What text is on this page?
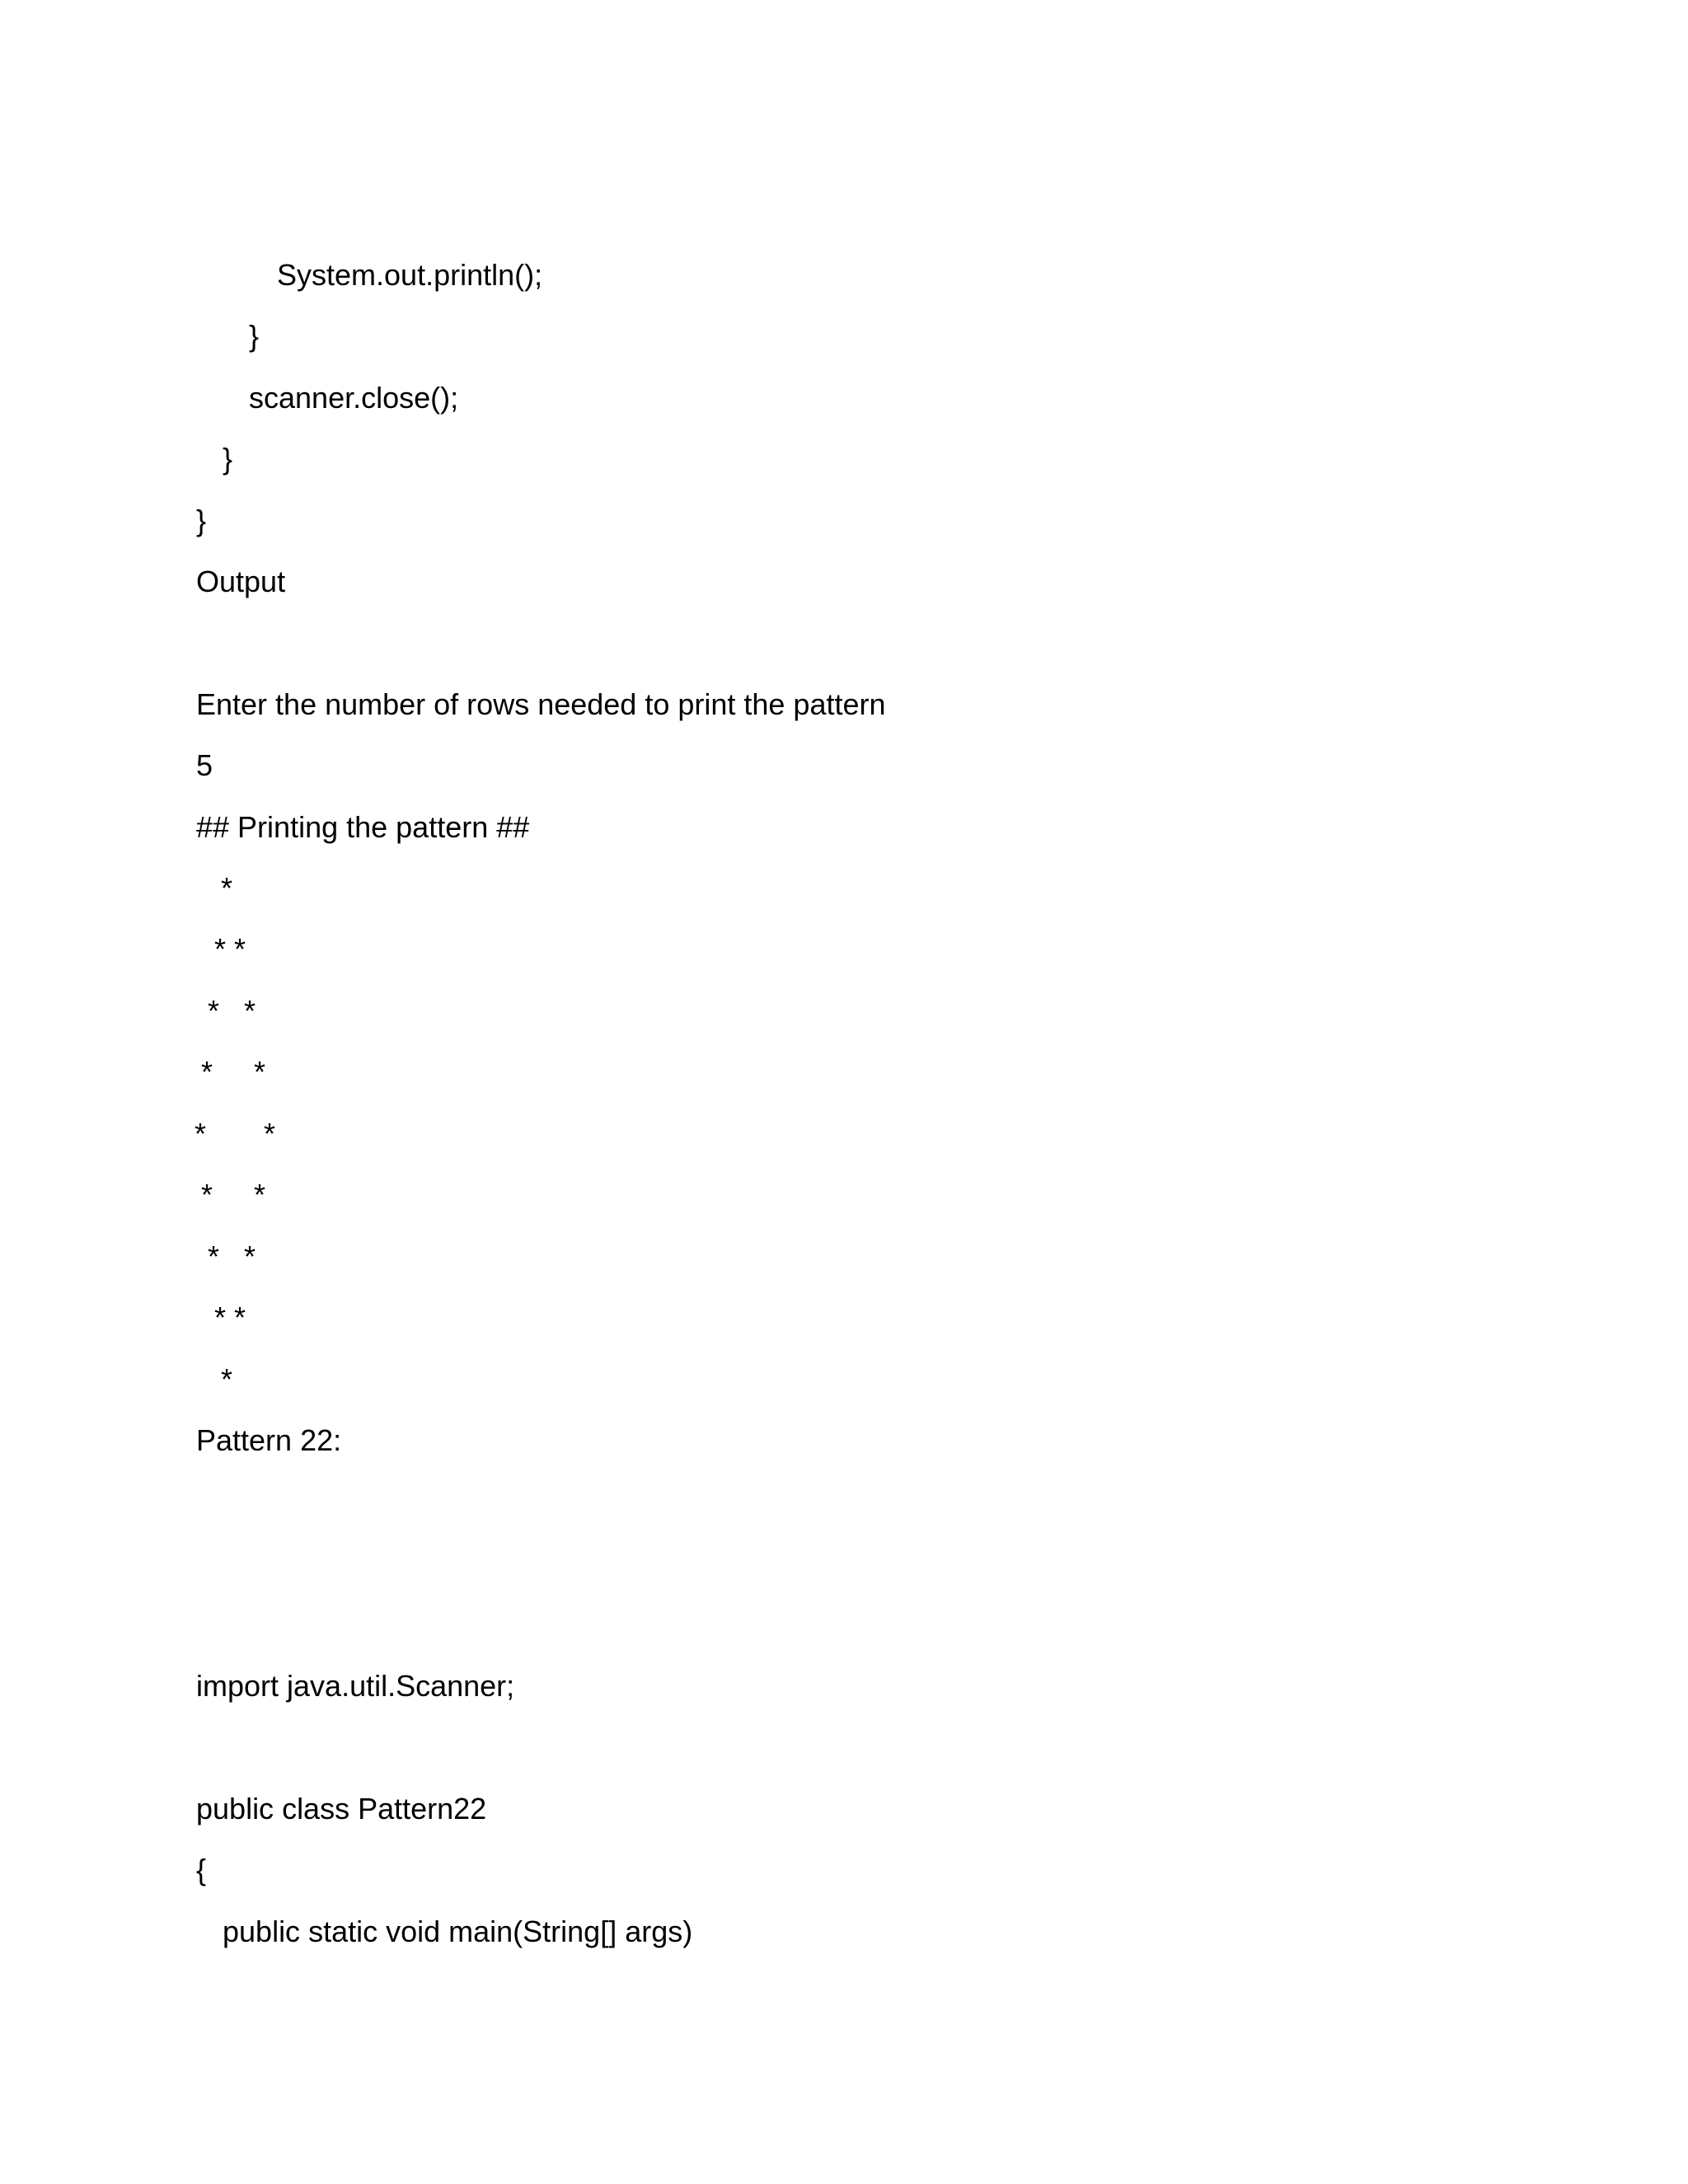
System.out.println();
}
scanner.close();
}
}
Output
Enter the number of rows needed to print the pattern
5
## Printing the pattern ##
*
* *
*   *
*     *
*       *
*     *
*   *
* *
*
Pattern 22:
import java.util.Scanner;
public class Pattern22
{
public static void main(String[] args)
